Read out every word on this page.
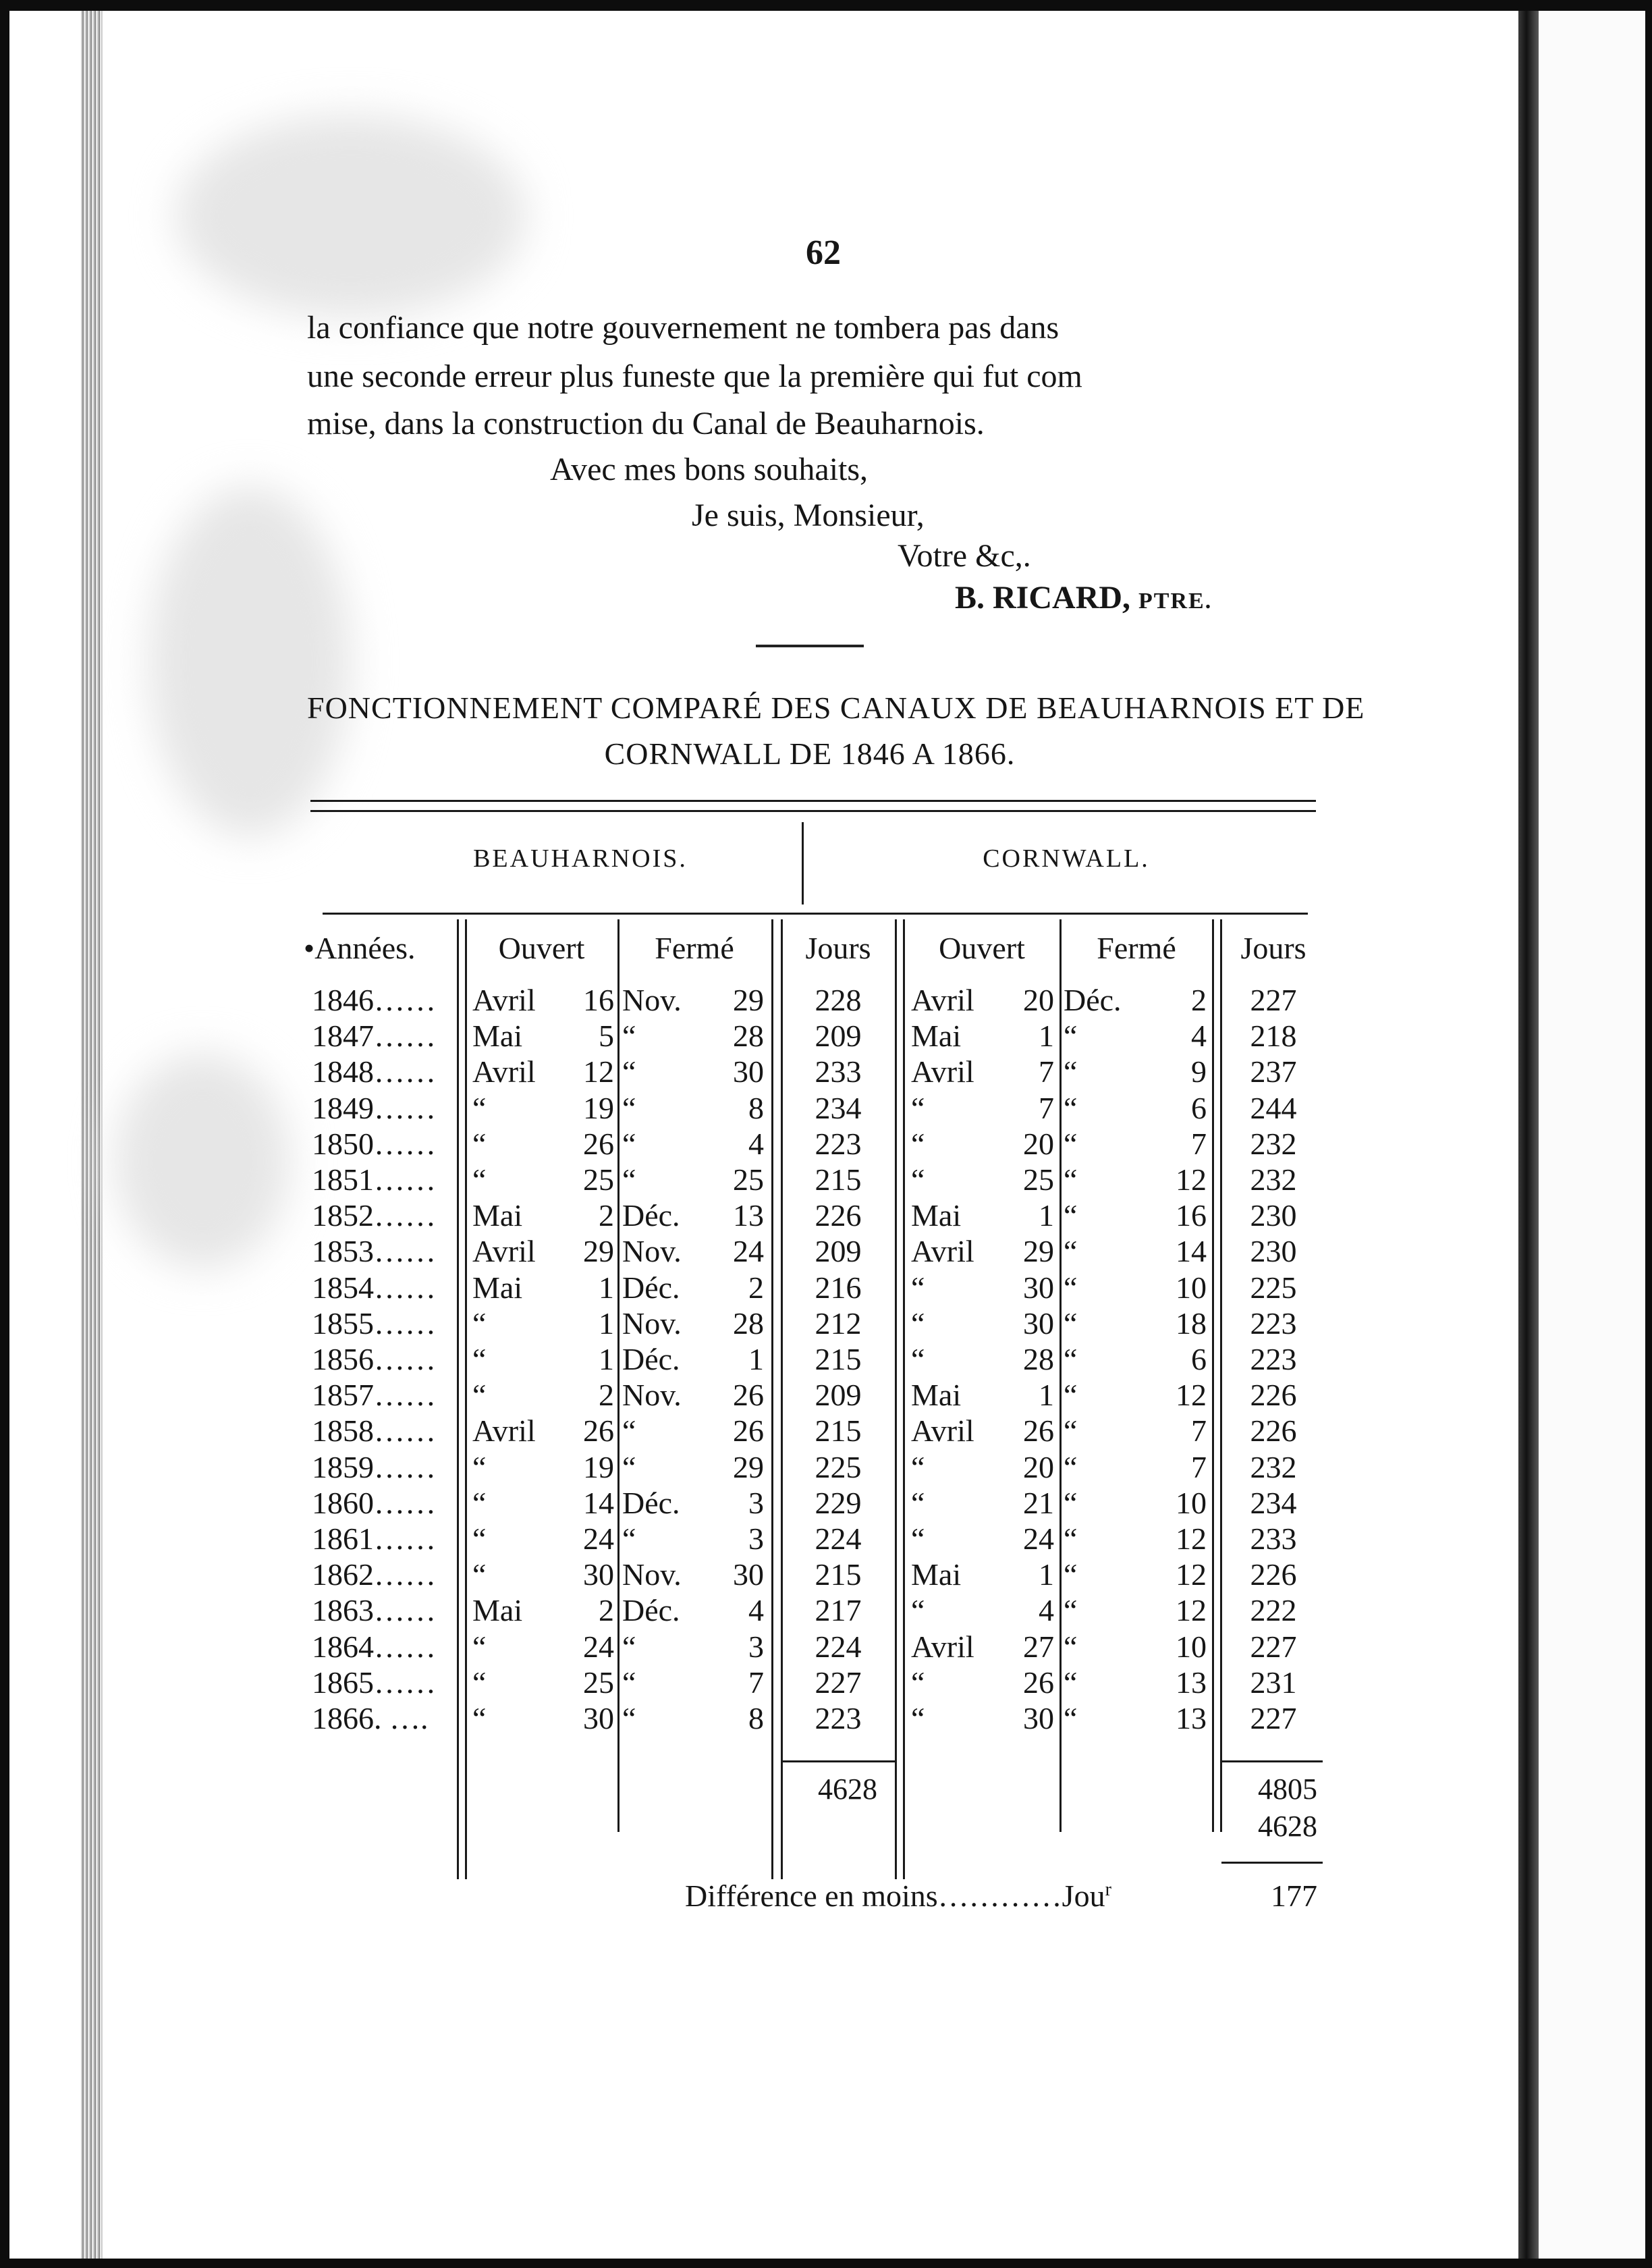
62
la confiance que notre gouvernement ne tombera pas dans
une seconde erreur plus funeste que la première qui fut com
mise, dans la construction du Canal de Beauharnois.
Avec mes bons souhaits,
Je suis, Monsieur,
Votre &c,.
B. RICARD, PTRE.
FONCTIONNEMENT COMPARÉ DES CANAUX DE BEAUHARNOIS ET DE
CORNWALL DE 1846 A 1866.
BEAUHARNOIS.	CORNWALL.
•Années.	Ouvert	Fermé	Jours	Ouvert	Fermé	Jours
1846……	Avril	16 Nov.	29	228	Avril	20 Déc.	2	227
1847……	Mai	5 “	28	209	Mai	1 “	4	218
1848……	Avril	12 “	30	233	Avril	7 “	9	237
1849……	“	19 “	8	234	“	7 “	6	244
1850……	“	26 “	4	223	“	20 “	7	232
1851……	“	25 “	25	215	“	25 “	12	232
1852……	Mai	2 Déc.	13	226	Mai	1 “	16	230
1853……	Avril	29 Nov.	24	209	Avril	29 “	14	230
1854……	Mai	1 Déc.	2	216	“	30 “	10	225
1855……	“	1 Nov.	28	212	“	30 “	18	223
1856……	“	1 Déc.	1	215	“	28 “	6	223
1857……	“	2 Nov.	26	209	Mai	1 “	12	226
1858……	Avril	26 “	26	215	Avril	26 “	7	226
1859……	“	19 “	29	225	“	20 “	7	232
1860……	“	14 Déc.	3	229	“	21 “	10	234
1861……	“	24 “	3	224	“	24 “	12	233
1862……	“	30 Nov.	30	215	Mai	1 “	12	226
1863……	Mai	2 Déc.	4	217	“	4 “	12	222
1864……	“	24 “	3	224	Avril	27 “	10	227
1865……	“	25 “	7	227	“	26 “	13	231
1866. ….	“	30 “	8	223	“	30 “	13	227
4628	4805
4628
Différence en moins…………Jou$^r$	177
